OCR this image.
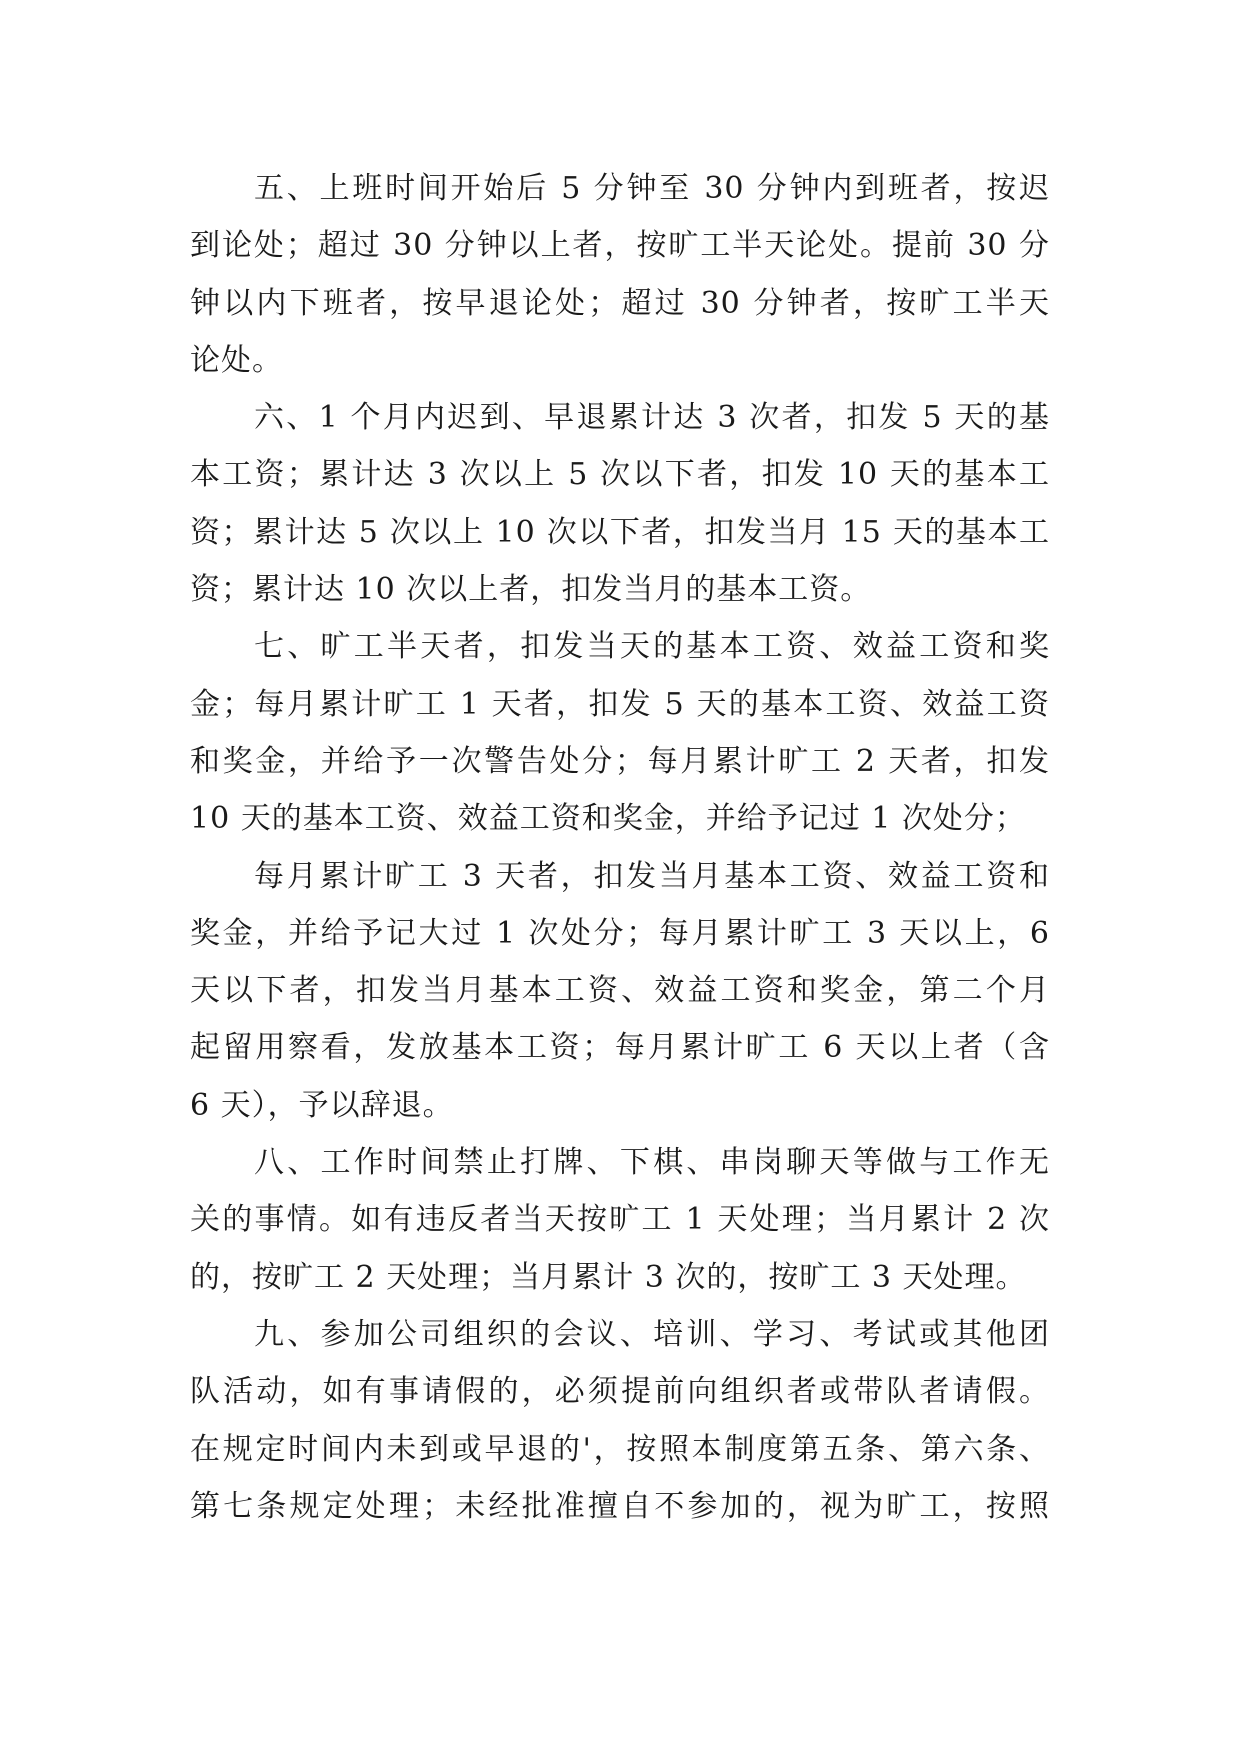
五、上班时间开始后 5 分钟至 30 分钟内到班者，按迟
到论处；超过 30 分钟以上者，按旷工半天论处。提前 30 分
钟以内下班者，按早退论处；超过 30 分钟者，按旷工半天
论处。
六、1 个月内迟到、早退累计达 3 次者，扣发 5 天的基
本工资；累计达 3 次以上 5 次以下者，扣发 10 天的基本工
资；累计达 5 次以上 10 次以下者，扣发当月 15 天的基本工
资；累计达 10 次以上者，扣发当月的基本工资。
七、旷工半天者，扣发当天的基本工资、效益工资和奖
金；每月累计旷工 1 天者，扣发 5 天的基本工资、效益工资
和奖金，并给予一次警告处分；每月累计旷工 2 天者，扣发
10 天的基本工资、效益工资和奖金，并给予记过 1 次处分；
每月累计旷工 3 天者，扣发当月基本工资、效益工资和
奖金，并给予记大过 1 次处分；每月累计旷工 3 天以上，6
天以下者，扣发当月基本工资、效益工资和奖金，第二个月
起留用察看，发放基本工资；每月累计旷工 6 天以上者（含
6 天），予以辞退。
八、工作时间禁止打牌、下棋、串岗聊天等做与工作无
关的事情。如有违反者当天按旷工 1 天处理；当月累计 2 次
的，按旷工 2 天处理；当月累计 3 次的，按旷工 3 天处理。
九、参加公司组织的会议、培训、学习、考试或其他团
队活动，如有事请假的，必须提前向组织者或带队者请假。
在规定时间内未到或早退的'，按照本制度第五条、第六条、
第七条规定处理；未经批准擅自不参加的，视为旷工，按照
